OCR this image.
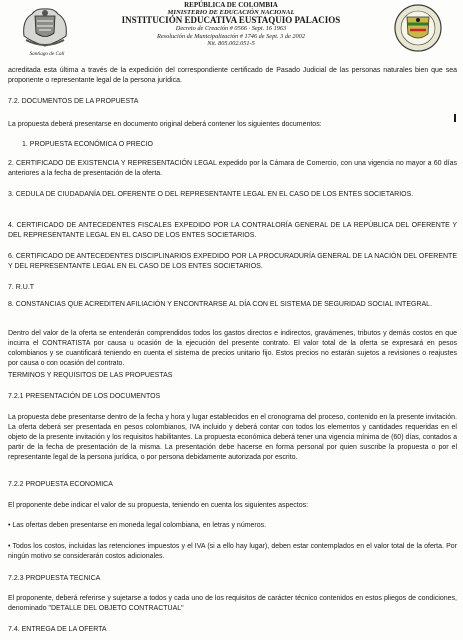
Santiago de Cali
REPÚBLICA DE COLOMBIA
MINISTERIO DE EDUCACIÓN NACIONAL
INSTITUCIÓN EDUCATIVA EUSTAQUIO PALACIOS
Decreto de Creación # 0566 · Sept. 16 1963
Resolución de Municipalización # 1746 de Sept. 3 de 2002
Nit. 805.002.051-5

acreditada esta última a través de la expedición del correspondiente certificado de Pasado Judicial de las personas naturales bien que sea proponente o representante legal de la persona jurídica.

7.2. DOCUMENTOS DE LA PROPUESTA

La propuesta deberá presentarse en documento original deberá contener los siguientes documentos:

1. PROPUESTA ECONÓMICA O PRECIO

2. CERTIFICADO DE EXISTENCIA Y REPRESENTACIÓN LEGAL expedido por la Cámara de Comercio, con una vigencia no mayor a 60 días anteriores a la fecha de presentación de la oferta.

3. CEDULA DE CIUDADANÍA DEL OFERENTE O DEL REPRESENTANTE LEGAL EN EL CASO DE LOS ENTES SOCIETARIOS.

4. CERTIFICADO DE ANTECEDENTES FISCALES EXPEDIDO POR LA CONTRALORÍA GENERAL DE LA REPÚBLICA DEL OFERENTE Y DEL REPRESENTANTE LEGAL EN EL CASO DE LOS ENTES SOCIETARIOS.

6. CERTIFICADO DE ANTECEDENTES DISCIPLINARIOS EXPEDIDO POR LA PROCURADURÍA GENERAL DE LA NACIÓN DEL OFERENTE Y DEL REPRESENTANTE LEGAL EN EL CASO DE LOS ENTES SOCIETARIOS.

7. R.U.T

8. CONSTANCIAS QUE ACREDITEN AFILIACIÓN Y ENCONTRARSE AL DÍA CON EL SISTEMA DE SEGURIDAD SOCIAL INTEGRAL.

Dentro del valor de la oferta se entenderán comprendidos todos los gastos directos e indirectos, gravámenes, tributos y demás costos en que incurra el CONTRATISTA por causa u ocasión de la ejecución del presente contrato. El valor total de la oferta se expresará en pesos colombianos y se cuantificará teniendo en cuenta el sistema de precios unitario fijo. Estos precios no estarán sujetos a revisiones o reajustes por causa o con ocasión del contrato.

TERMINOS Y REQUISITOS DE LAS PROPUESTAS

7.2.1 PRESENTACIÓN DE LOS DOCUMENTOS

La propuesta debe presentarse dentro de la fecha y hora y lugar establecidos en el cronograma del proceso, contenido en la presente invitación. La oferta deberá ser presentada en pesos colombianos, IVA incluido y deberá contar con todos los elementos y cantidades requeridas en el objeto de la presente invitación y los requisitos habilitantes. La propuesta económica deberá tener una vigencia mínima de (60) días, contados a partir de la fecha de presentación de la misma. La presentación debe hacerse en forma personal por quien suscribe la propuesta o por el representante legal de la persona jurídica, o por persona debidamente autorizada por escrito.

7.2.2 PROPUESTA ECONOMICA

El proponente debe indicar el valor de su propuesta, teniendo en cuenta los siguientes aspectos:

• Las ofertas deben presentarse en moneda legal colombiana, en letras y números.

• Todos los costos, incluidas las retenciones impuestos y el IVA (si a ello hay lugar), deben estar contemplados en el valor total de la oferta. Por ningún motivo se considerarán costos adicionales.

7.2.3 PROPUESTA TECNICA

El proponente, deberá referirse y sujetarse a todos y cada uno de los requisitos de carácter técnico contenidos en estos pliegos de condiciones, denominado "DETALLE DEL OBJETO CONTRACTUAL"

7.4. ENTREGA DE LA OFERTA
